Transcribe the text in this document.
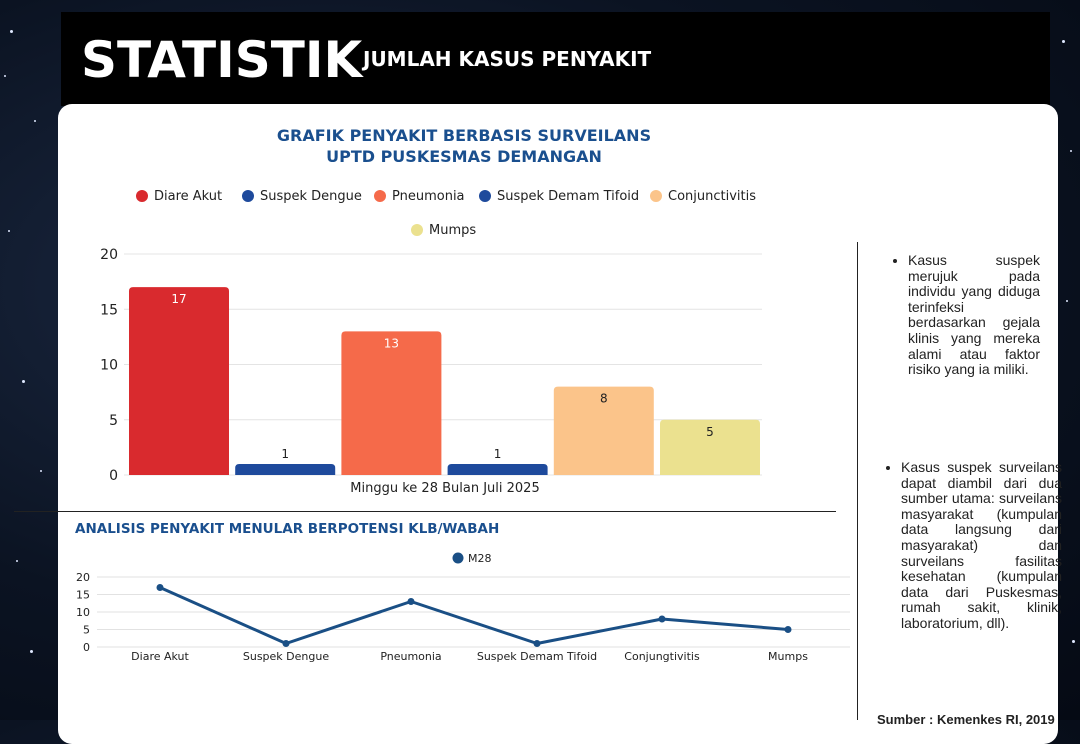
STATISTIK JUMLAH KASUS PENYAKIT
GRAFIK PENYAKIT BERBASIS SURVEILANS
UPTD PUSKESMAS DEMANGAN
Diare Akut	Suspek Dengue Pneumonia Suspek Demam Tifoid Conjunctivitis
Mumps
0
5
10
15
20
17
1
13
1
8
5
Minggu ke 28 Bulan Juli 2025
ANALISIS PENYAKIT MENULAR BERPOTENSI KLB/WABAH
M28
0
5
10
15
20
Diare Akut	Suspek Dengue	Pneumonia	Suspek Demam Tifoid Conjungtivitis	Mumps
• Kasus suspek merujuk pada individu yang diduga terinfeksi berdasarkan gejala klinis yang mereka alami atau faktor risiko yang ia miliki.
• Kasus suspek surveilans dapat diambil dari dua sumber utama: surveilans masyarakat (kumpulan data langsung dari masyarakat) dan surveilans fasilitas kesehatan (kumpulan data dari Puskesmas, rumah sakit, klinik, laboratorium, dll).
Sumber : Kemenkes RI, 2019
